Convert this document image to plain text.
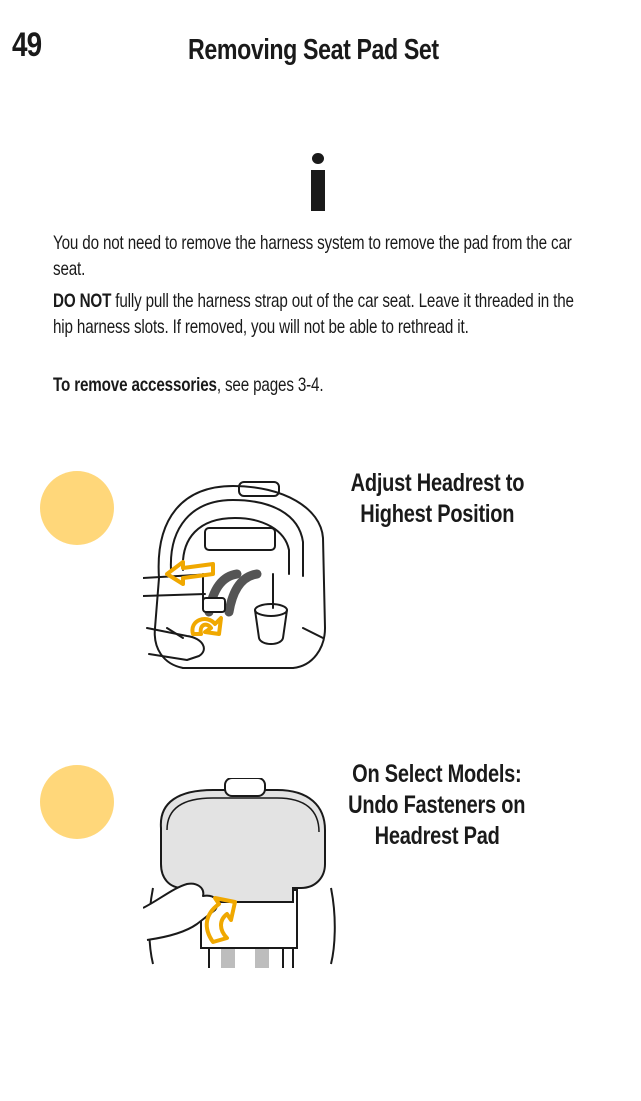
49	Removing Seat Pad Set

You do not need to remove the harness system to remove the pad from the car seat.

DO NOT fully pull the harness strap out of the car seat. Leave it threaded in the hip harness slots. If removed, you will not be able to rethread it.

To remove accessories, see pages 3-4.

Adjust Headrest to
Highest Position
On Select Models:
Undo Fasteners on
Headrest Pad
